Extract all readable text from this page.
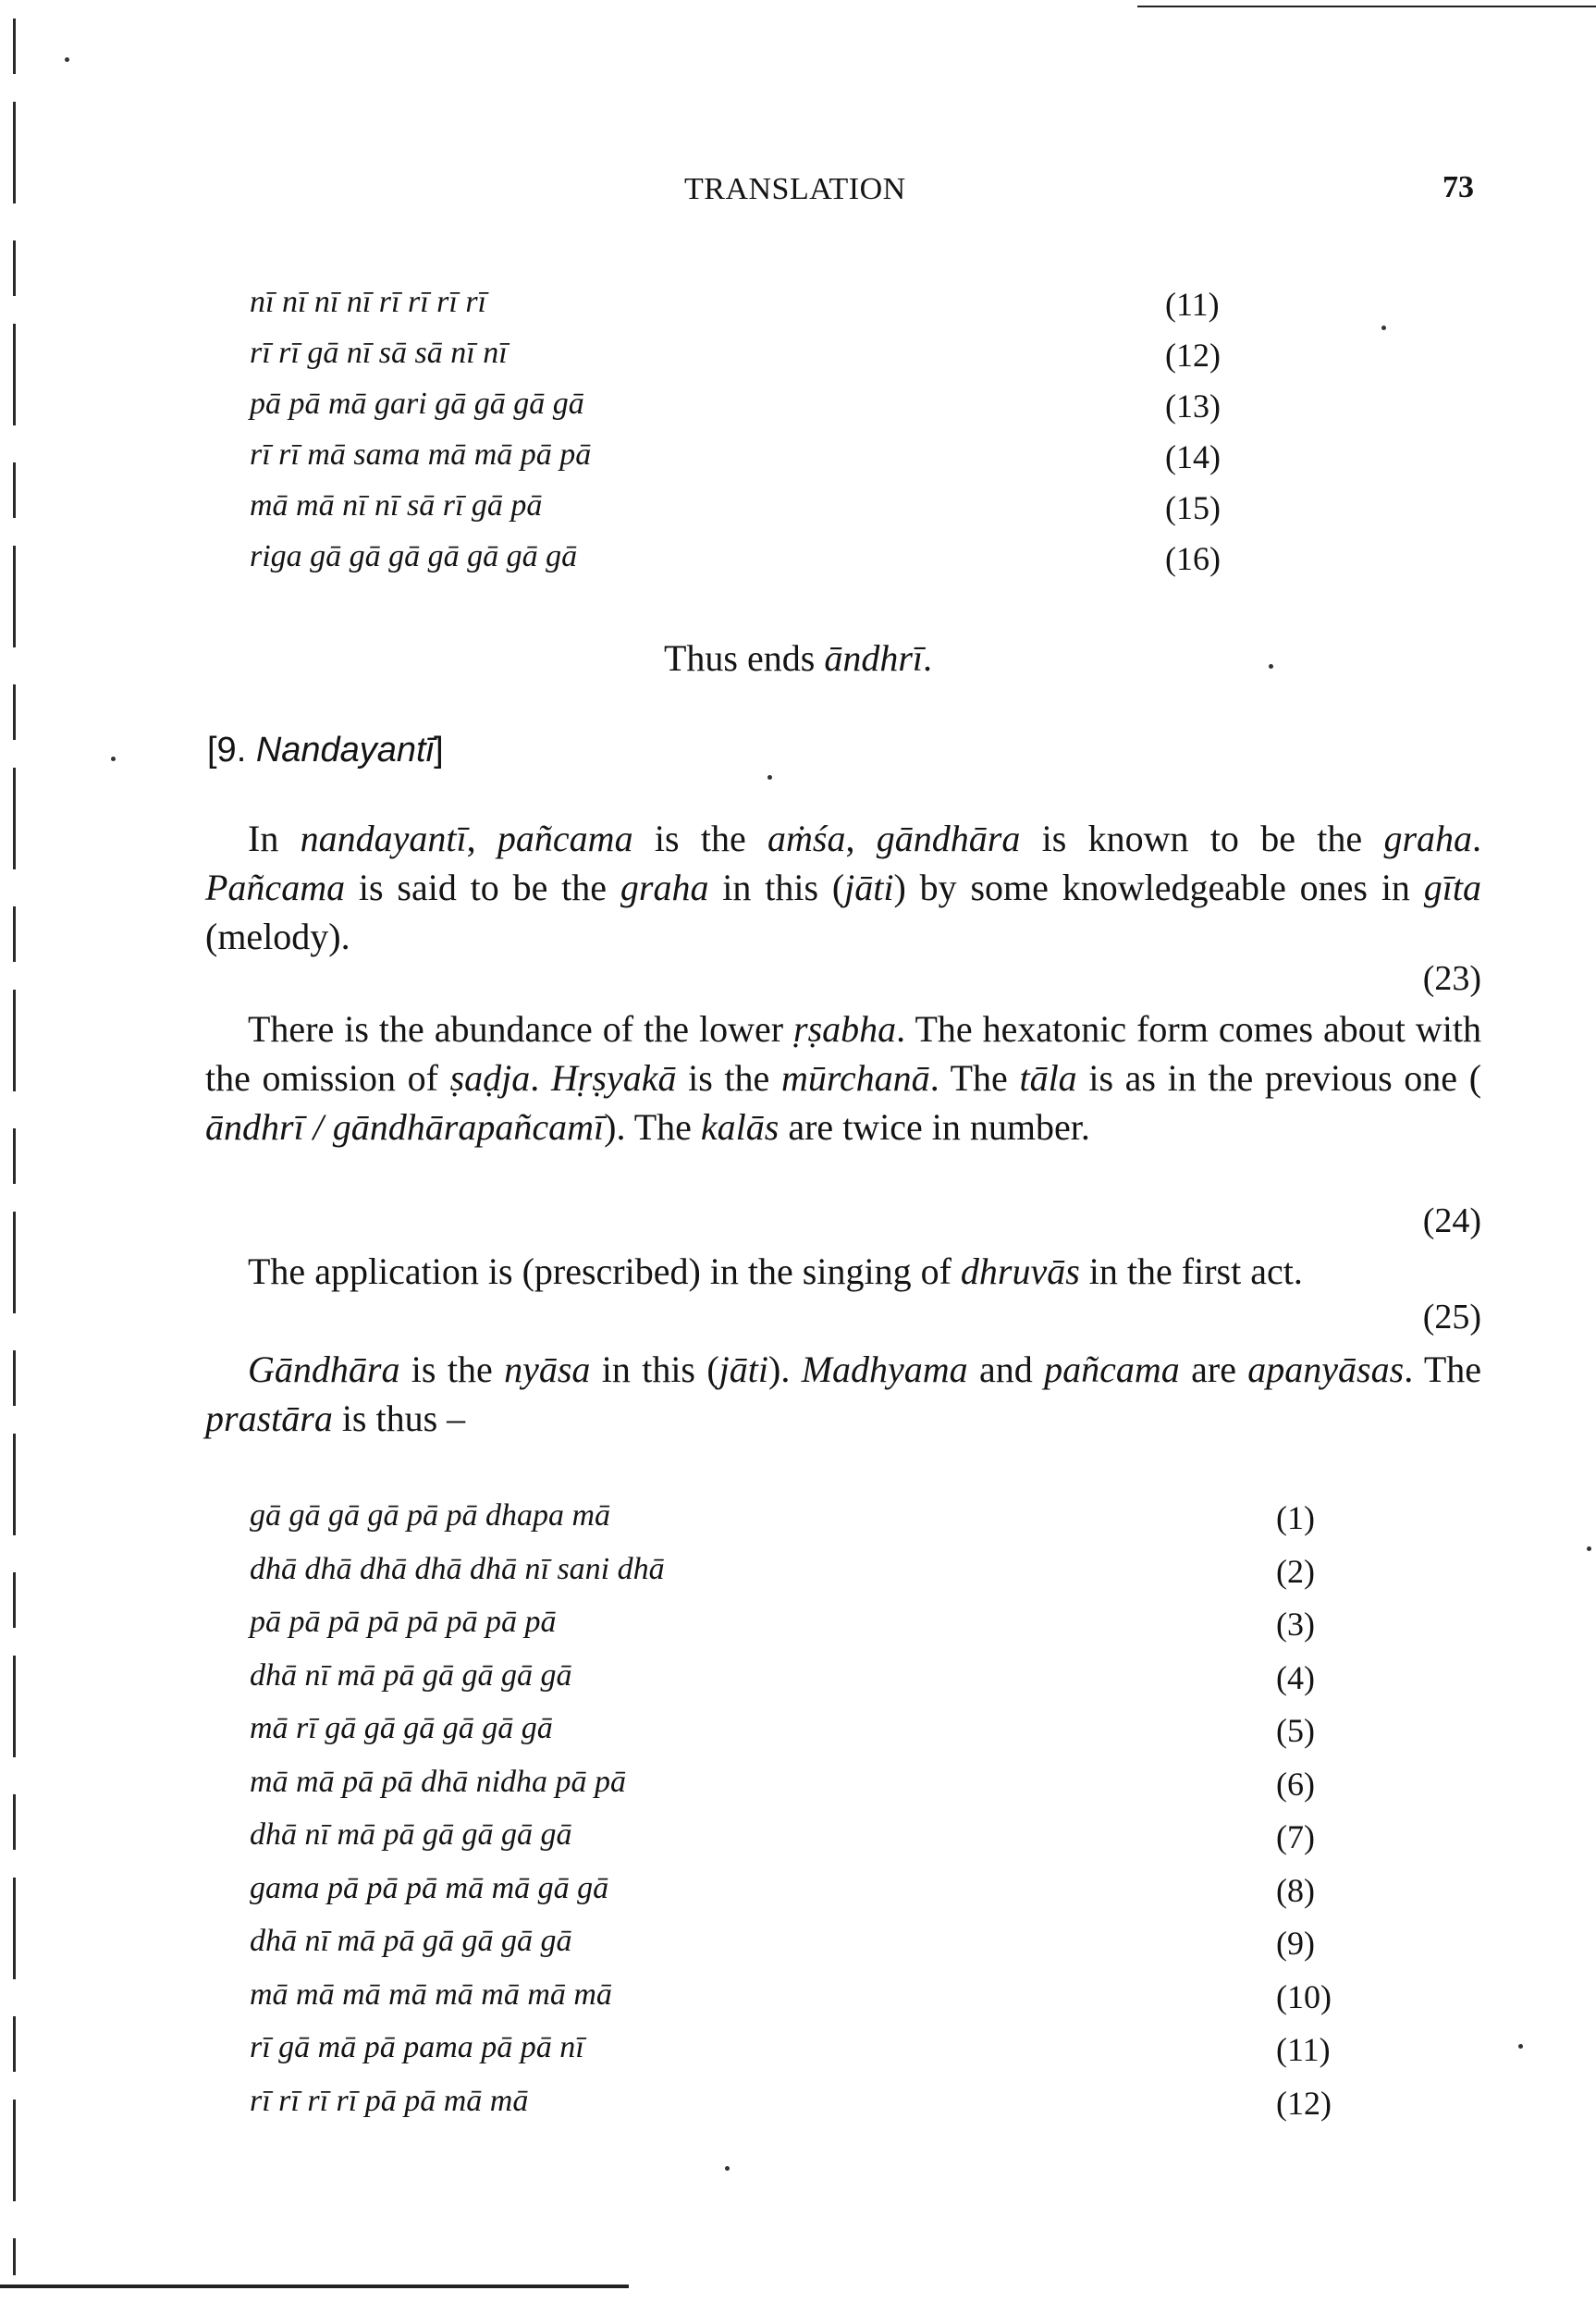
TRANSLATION	73
nī nī nī nī rī rī rī rī	(11)
rī rī gā nī sā sā nī nī	(12)
pā pā mā gari gā gā gā gā	(13)
rī rī mā sama mā mā pā pā	(14)
mā mā nī nī sā rī gā pā	(15)
riga gā gā gā gā gā gā gā	(16)
Thus ends āndhrī.
[9. Nandayantī]
In nandayantī, pañcama is the aṁśa, gāndhāra is known to be the graha. Pañcama is said to be the graha in this (jāti) by some knowledgeable ones in gīta (melody).
(23)
There is the abundance of the lower ṛṣabha. The hexatonic form comes about with the omission of ṣaḍja. Hṛṣyakā is the mūrchanā. The tāla is as in the previous one ( āndhrī / gāndhārapañcamī). The kalās are twice in number.
(24)
The application is (prescribed) in the singing of dhruvās in the first act.
(25)
Gāndhāra is the nyāsa in this (jāti). Madhyama and pañcama are apanyāsas. The prastāra is thus –
gā gā gā gā pā pā dhapa mā	(1)
dhā dhā dhā dhā dhā nī sani dhā	(2)
pā pā pā pā pā pā pā pā	(3)
dhā nī mā pā gā gā gā gā	(4)
mā rī gā gā gā gā gā gā	(5)
mā mā pā pā dhā nidha pā pā	(6)
dhā nī mā pā gā gā gā gā	(7)
gama pā pā pā mā mā gā gā	(8)
dhā nī mā pā gā gā gā gā	(9)
mā mā mā mā mā mā mā mā	(10)
rī gā mā pā pama pā pā nī	(11)
rī rī rī rī pā pā mā mā	(12)
